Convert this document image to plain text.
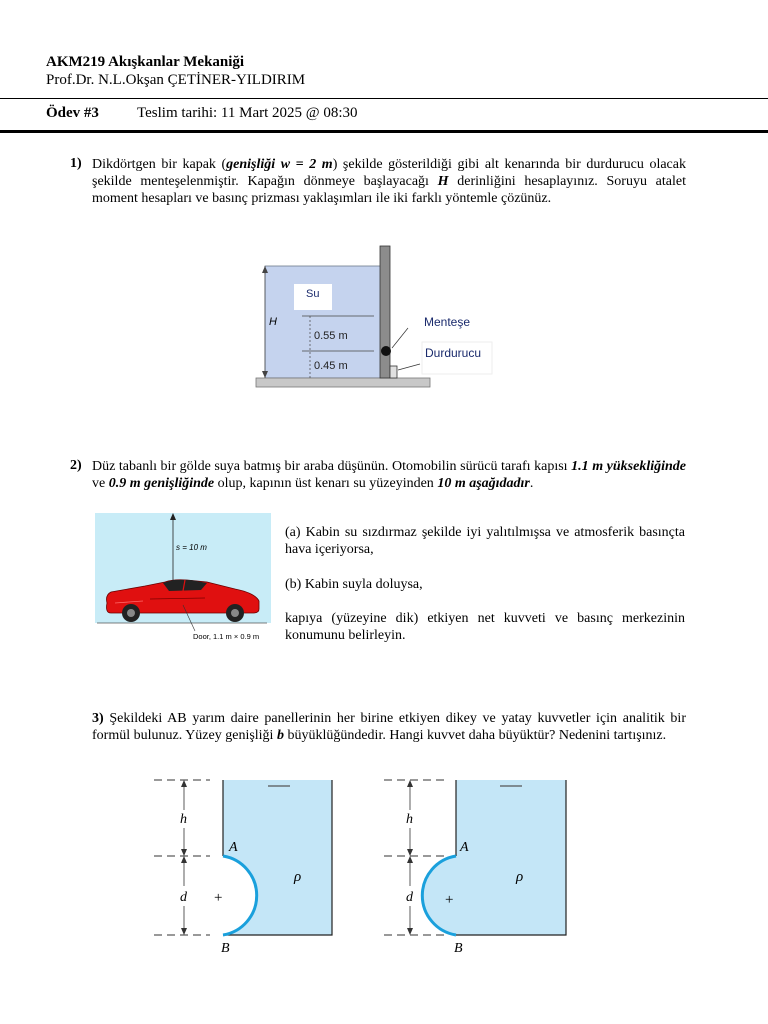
AKM219 Akışkanlar Mekaniği
Prof.Dr. N.L.Okşan ÇETİNER-YILDIRIM
Ödev #3	Teslim tarihi: 11 Mart 2025 @ 08:30
1) Dikdörtgen bir kapak (genişliği w = 2 m) şekilde gösterildiği gibi alt kenarında bir durdurucu olacak şekilde menteşelenmiştir. Kapağın dönmeye başlayacağı H derinliğini hesaplayınız. Soruyu atalet moment hesapları ve basınç prizması yaklaşımları ile iki farklı yöntemle çözünüz.
H
Su
0.55 m
0.45 m
Menteşe
Durdurucu
2) Düz tabanlı bir gölde suya batmış bir araba düşünün. Otomobilin sürücü tarafı kapısı 1.1 m yüksekliğinde ve 0.9 m genişliğinde olup, kapının üst kenarı su yüzeyinden 10 m aşağıdadır.
s = 10 m
Door, 1.1 m × 0.9 m
(a) Kabin su sızdırmaz şekilde iyi yalıtılmışsa ve atmosferik basınçta hava içeriyorsa,
(b) Kabin suyla doluysa,
kapıya (yüzeyine dik) etkiyen net kuvveti ve basınç merkezinin konumunu belirleyin.
3) Şekildeki AB yarım daire panellerinin her birine etkiyen dikey ve yatay kuvvetler için analitik bir formül bulunuz. Yüzey genişliği b büyüklüğündedir. Hangi kuvvet daha büyüktür? Nedenini tartışınız.
h
d
A
B
+
ρ
h
d
A
B
+
ρ
